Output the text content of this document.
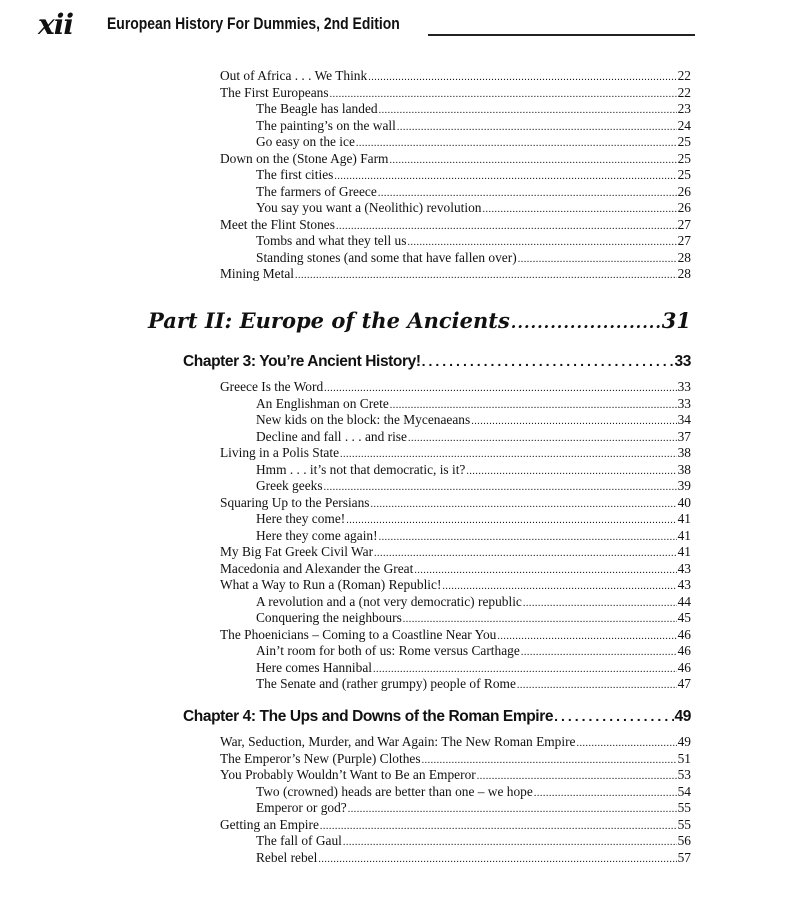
xii European History For Dummies, 2nd Edition
Out of Africa . . . We Think .....	22
The First Europeans .....	22
The Beagle has landed .....	23
The painting’s on the wall .....	24
Go easy on the ice .....	25
Down on the (Stone Age) Farm .....	25
The first cities .....	25
The farmers of Greece .....	26
You say you want a (Neolithic) revolution .....	26
Meet the Flint Stones .....	27
Tombs and what they tell us .....	27
Standing stones (and some that have fallen over) .....	28
Mining Metal .....	28
Part II: Europe of the Ancients .....	31
Chapter 3: You’re Ancient History! .....	33
Greece Is the Word .....	33
An Englishman on Crete .....	33
New kids on the block: the Mycenaeans .....	34
Decline and fall . . . and rise .....	37
Living in a Polis State .....	38
Hmm . . . it’s not that democratic, is it? .....	38
Greek geeks .....	39
Squaring Up to the Persians .....	40
Here they come! .....	41
Here they come again! .....	41
My Big Fat Greek Civil War .....	41
Macedonia and Alexander the Great .....	43
What a Way to Run a (Roman) Republic! .....	43
A revolution and a (not very democratic) republic .....	44
Conquering the neighbours .....	45
The Phoenicians – Coming to a Coastline Near You .....	46
Ain’t room for both of us: Rome versus Carthage .....	46
Here comes Hannibal .....	46
The Senate and (rather grumpy) people of Rome .....	47
Chapter 4: The Ups and Downs of the Roman Empire .....	49
War, Seduction, Murder, and War Again: The New Roman Empire .....	49
The Emperor’s New (Purple) Clothes .....	51
You Probably Wouldn’t Want to Be an Emperor .....	53
Two (crowned) heads are better than one – we hope .....	54
Emperor or god? .....	55
Getting an Empire .....	55
The fall of Gaul .....	56
Rebel rebel .....	57
